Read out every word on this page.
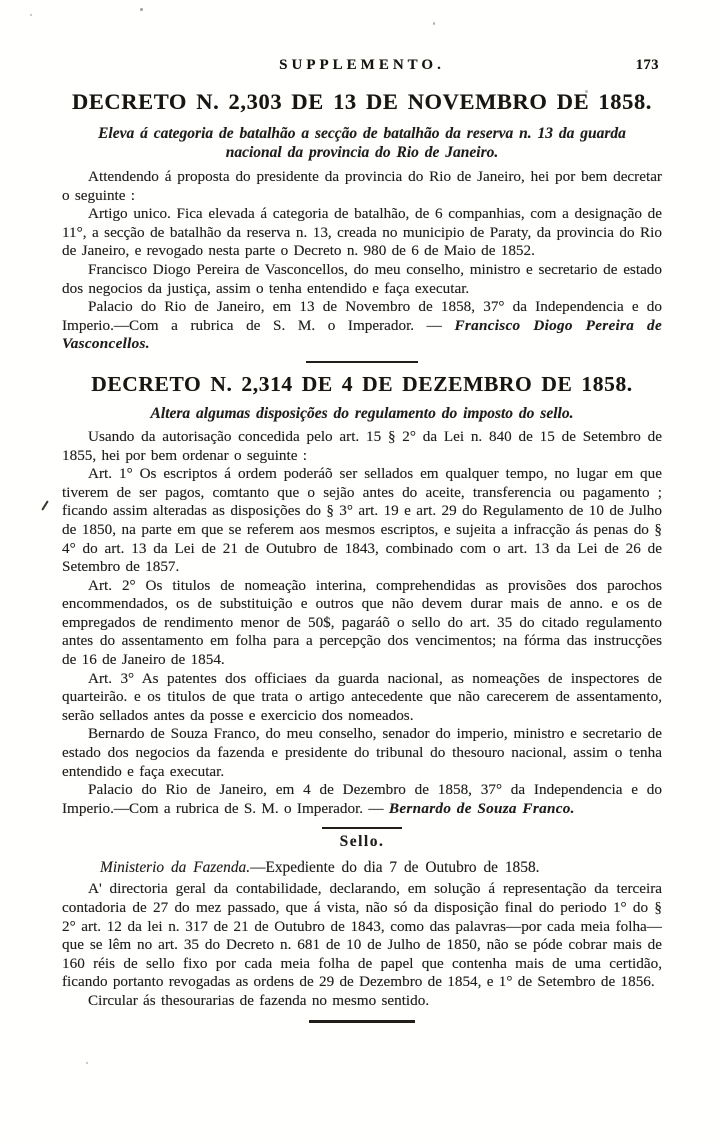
SUPPLEMENTO.	173
DECRETO N. 2,303 DE 13 DE NOVEMBRO DE 1858.
Eleva á categoria de batalhão a secção de batalhão da reserva n. 13 da guarda nacional da provincia do Rio de Janeiro.

Attendendo á proposta do presidente da provincia do Rio de Janeiro, hei por bem decretar o seguinte :

Artigo unico. Fica elevada á categoria de batalhão, de 6 companhias, com a designação de 11°, a secção de batalhão da reserva n. 13, creada no municipio de Paraty, da provincia do Rio de Janeiro, e revogado nesta parte o Decreto n. 980 de 6 de Maio de 1852.

Francisco Diogo Pereira de Vasconcellos, do meu conselho, ministro e secretario de estado dos negocios da justiça, assim o tenha entendido e faça executar.

Palacio do Rio de Janeiro, em 13 de Novembro de 1858, 37° da Independencia e do Imperio.—Com a rubrica de S. M. o Imperador. — Francisco Diogo Pereira de Vasconcellos.

DECRETO N. 2,314 DE 4 DE DEZEMBRO DE 1858.
Altera algumas disposições do regulamento do imposto do sello.

Usando da autorisação concedida pelo art. 15 § 2° da Lei n. 840 de 15 de Setembro de 1855, hei por bem ordenar o seguinte :

Art. 1° Os escriptos á ordem poderáõ ser sellados em qualquer tempo, no lugar em que tiverem de ser pagos, comtanto que o sejão antes do aceite, transferencia ou pagamento ; ficando assim alteradas as disposições do § 3° art. 19 e art. 29 do Regulamento de 10 de Julho de 1850, na parte em que se referem aos mesmos escriptos, e sujeita a infracção ás penas do § 4° do art. 13 da Lei de 21 de Outubro de 1843, combinado com o art. 13 da Lei de 26 de Setembro de 1857.

Art. 2° Os titulos de nomeação interina, comprehendidas as provisões dos parochos encommendados, os de substituição e outros que não devem durar mais de anno. e os de empregados de rendimento menor de 50$, pagaráõ o sello do art. 35 do citado regulamento antes do assentamento em folha para a percepção dos vencimentos; na fórma das instrucções de 16 de Janeiro de 1854.

Art. 3° As patentes dos officiaes da guarda nacional, as nomeações de inspectores de quarteirão. e os titulos de que trata o artigo antecedente que não carecerem de assentamento, serão sellados antes da posse e exercicio dos nomeados.

Bernardo de Souza Franco, do meu conselho, senador do imperio, ministro e secretario de estado dos negocios da fazenda e presidente do tribunal do thesouro nacional, assim o tenha entendido e faça executar.

Palacio do Rio de Janeiro, em 4 de Dezembro de 1858, 37° da Independencia e do Imperio.—Com a rubrica de S. M. o Imperador. — Bernardo de Souza Franco.

Sello.

Ministerio da Fazenda.—Expediente do dia 7 de Outubro de 1858.

A' directoria geral da contabilidade, declarando, em solução á representação da terceira contadoria de 27 do mez passado, que á vista, não só da disposição final do periodo 1° do § 2° art. 12 da lei n. 317 de 21 de Outubro de 1843, como das palavras—por cada meia folha— que se lêm no art. 35 do Decreto n. 681 de 10 de Julho de 1850, não se póde cobrar mais de 160 réis de sello fixo por cada meia folha de papel que contenha mais de uma certidão, ficando portanto revogadas as ordens de 29 de Dezembro de 1854, e 1° de Setembro de 1856.

Circular ás thesourarias de fazenda no mesmo sentido.
